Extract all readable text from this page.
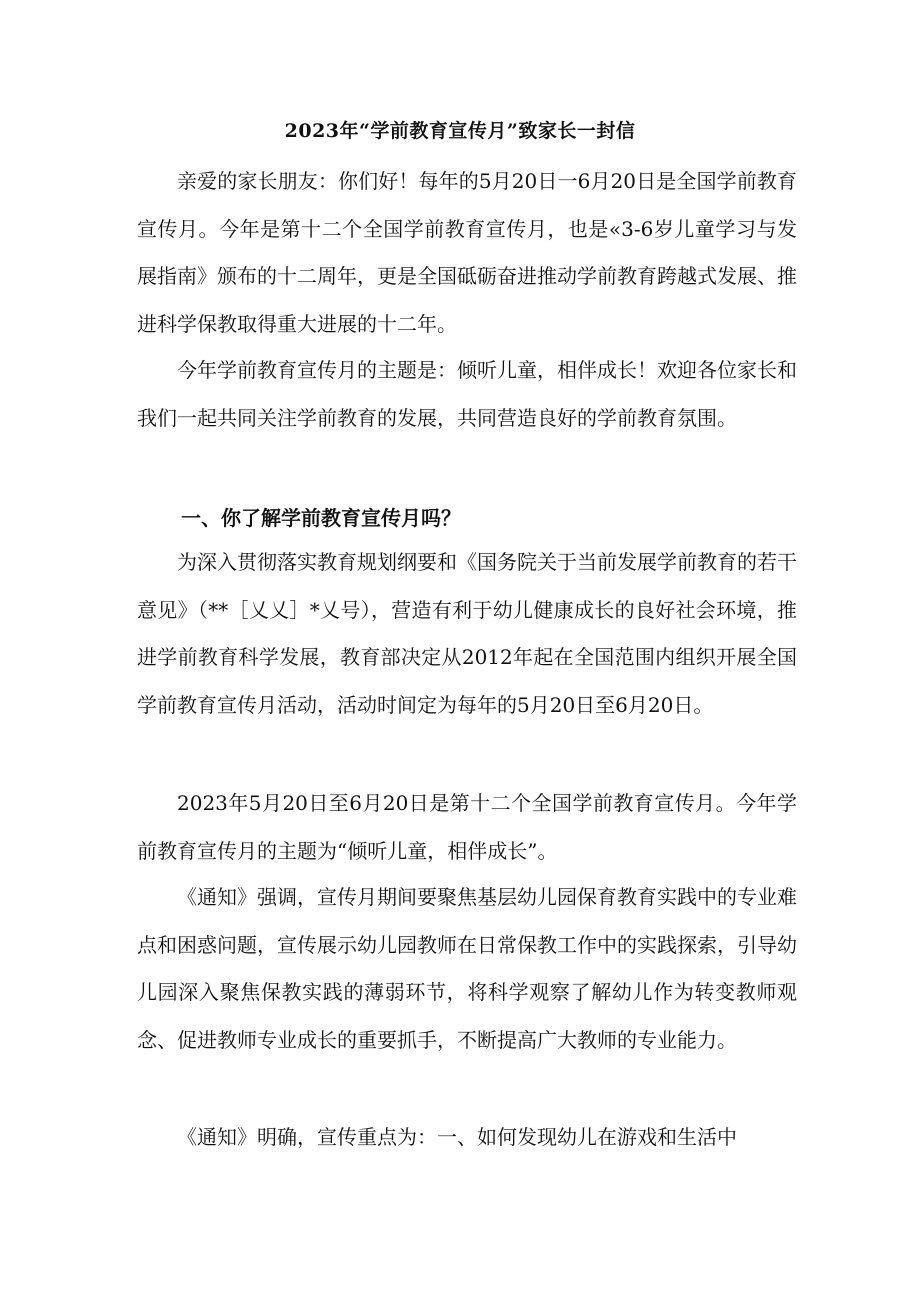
2023年“学前教育宣传月”致家长一封信

亲爱的家长朋友：你们好！每年的5月20日一6月20日是全国学前教育宣传月。今年是第十二个全国学前教育宣传月，也是«3-6岁儿童学习与发展指南》颁布的十二周年，更是全国砥砺奋进推动学前教育跨越式发展、推进科学保教取得重大进展的十二年。

今年学前教育宣传月的主题是：倾听儿童，相伴成长！欢迎各位家长和我们一起共同关注学前教育的发展，共同营造良好的学前教育氛围。

一、你了解学前教育宣传月吗？

为深入贯彻落实教育规划纲要和《国务院关于当前发展学前教育的若干意见》（**［乂乂］*乂号），营造有利于幼儿健康成长的良好社会环境，推进学前教育科学发展，教育部决定从2012年起在全国范围内组织开展全国学前教育宣传月活动，活动时间定为每年的5月20日至6月20日。

2023年5月20日至6月20日是第十二个全国学前教育宣传月。今年学前教育宣传月的主题为“倾听儿童，相伴成长”。

《通知》强调，宣传月期间要聚焦基层幼儿园保育教育实践中的专业难点和困惑问题，宣传展示幼儿园教师在日常保教工作中的实践探索，引导幼儿园深入聚焦保教实践的薄弱环节，将科学观察了解幼儿作为转变教师观念、促进教师专业成长的重要抓手，不断提高广大教师的专业能力。

《通知》明确，宣传重点为：一、如何发现幼儿在游戏和生活中
